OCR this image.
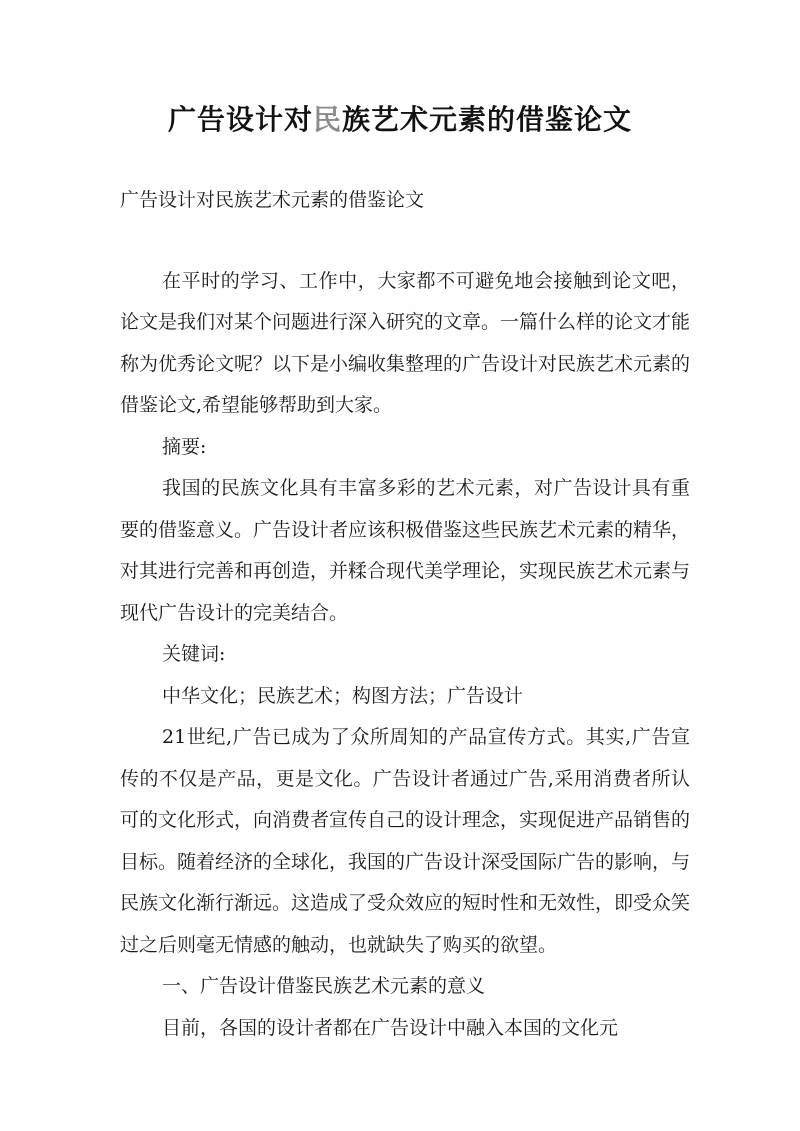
广告设计对民族艺术元素的借鉴论文

广告设计对民族艺术元素的借鉴论文

在平时的学习、工作中，大家都不可避免地会接触到论文吧，论文是我们对某个问题进行深入研究的文章。一篇什么样的论文才能称为优秀论文呢？以下是小编收集整理的广告设计对民族艺术元素的借鉴论文,希望能够帮助到大家。

摘要:

我国的民族文化具有丰富多彩的艺术元素，对广告设计具有重要的借鉴意义。广告设计者应该积极借鉴这些民族艺术元素的精华，对其进行完善和再创造，并糅合现代美学理论，实现民族艺术元素与现代广告设计的完美结合。

关键词:

中华文化；民族艺术；构图方法；广告设计

21世纪,广告已成为了众所周知的产品宣传方式。其实,广告宣传的不仅是产品，更是文化。广告设计者通过广告,采用消费者所认可的文化形式，向消费者宣传自己的设计理念，实现促进产品销售的目标。随着经济的全球化，我国的广告设计深受国际广告的影响，与民族文化渐行渐远。这造成了受众效应的短时性和无效性，即受众笑过之后则毫无情感的触动，也就缺失了购买的欲望。

一、广告设计借鉴民族艺术元素的意义

目前，各国的设计者都在广告设计中融入本国的文化元
